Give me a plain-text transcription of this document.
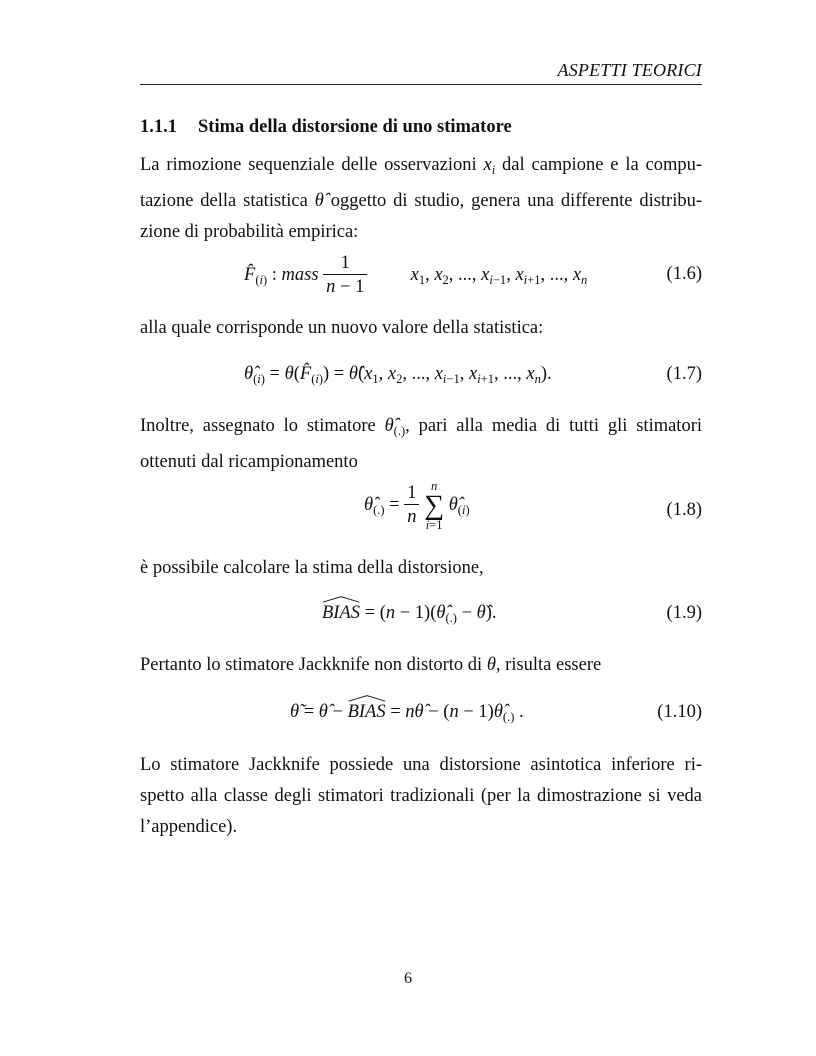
ASPETTI TEORICI
1.1.1 Stima della distorsione di uno stimatore
La rimozione sequenziale delle osservazioni $x_i$ dal campione e la compu-
tazione della statistica θ̂ oggetto di studio, genera una differente distribu-
zione di probabilità empirica:
$F̂_{(i)}$ : mass $\frac{1}{n - 1} x_1$, $x_2$, ..., $x_{i-1}$, $x_{i+1}$, ..., $x_n$	(1.6)
alla quale corrisponde un nuovo valore della statistica:
$\thetâ_{(i)}$ = $\theta(F̂_{(i)})$ = $\thetâ(x_1$, $x_2$, ..., $x_{i-1}$, $x_{i+1}$, ..., $x_n$).	(1.7)
Inoltre, assegnato lo stimatore $\thetâ_{(.)}$, pari alla media di tutti gli stimatori
ottenuti dal ricampionamento
$\thetâ_{(.)} = \frac{1}{n}$
n
∑
i=1
$\thetâ_{(i)}$	(1.8)
è possibile calcolare la stima della distorsione,
BIAS
= $(n - 1)(\thetâ_{(.)}$ − θ̂).	(1.9)
Pertanto lo stimatore Jackknife non distorto di θ, risulta essere
θ̃ = θ̂ − BIAS
= nθ̂ − $(n - 1)\thetâ_{(.)}$ .	(1.10)
Lo stimatore Jackknife possiede una distorsione asintotica inferiore ri-
spetto alla classe degli stimatori tradizionali (per la dimostrazione si veda
l’appendice).
6
